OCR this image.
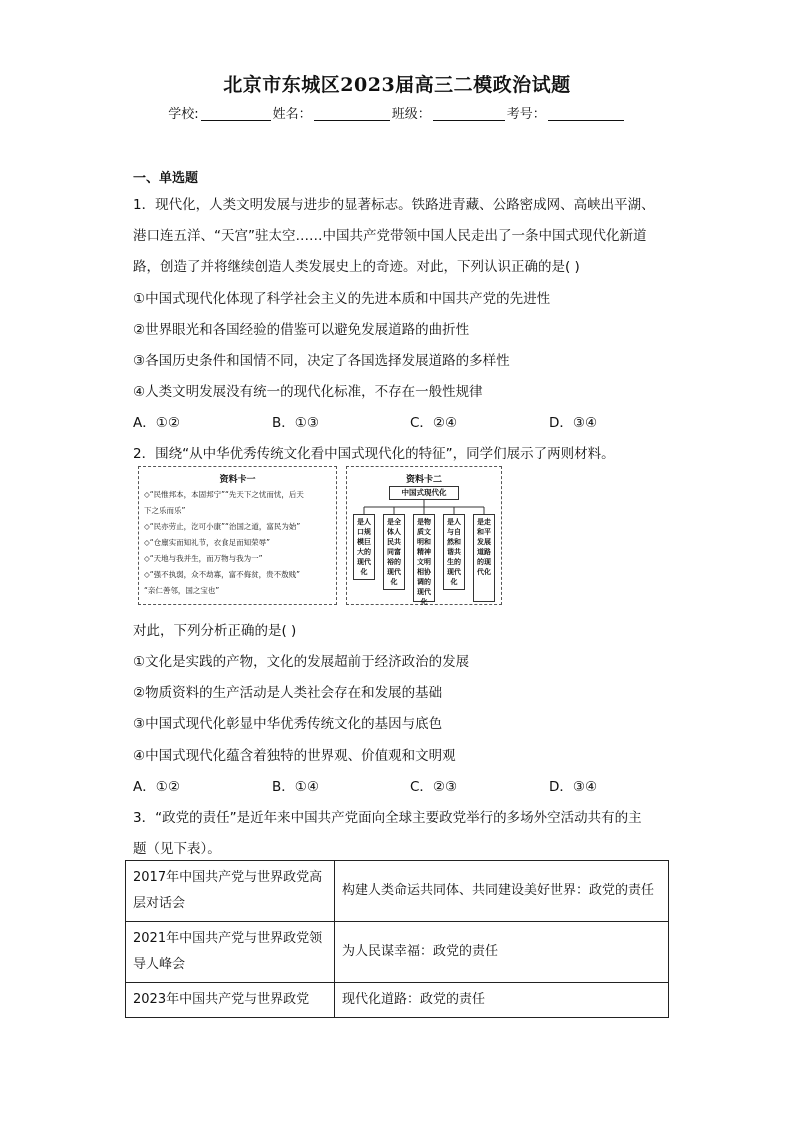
北京市东城区2023届高三二模政治试题
学校:	姓名：	班级：	考号：
一、单选题
1．现代化，人类文明发展与进步的显著标志。铁路进青藏、公路密成网、高峡出平湖、
港口连五洋、“天宫”驻太空……中国共产党带领中国人民走出了一条中国式现代化新道
路，创造了并将继续创造人类发展史上的奇迹。对此，下列认识正确的是( )
①中国式现代化体现了科学社会主义的先进本质和中国共产党的先进性
②世界眼光和各国经验的借鉴可以避免发展道路的曲折性
③各国历史条件和国情不同，决定了各国选择发展道路的多样性
④人类文明发展没有统一的现代化标准，不存在一般性规律
A．①②	B．①③	C．②④	D．③④
2．围绕“从中华优秀传统文化看中国式现代化的特征”，同学们展示了两则材料。
资料卡一
◇“民惟邦本，本固邦宁”“先天下之忧而忧，后天
下之乐而乐”
◇“民亦劳止，汔可小康”“治国之道，富民为始”
◇“仓廪实而知礼节，衣食足而知荣辱”
◇“天地与我并生，而万物与我为一”
◇“强不执弱，众不劫寡，富不侮贫，贵不敖贱”
“亲仁善邻，国之宝也”
资料卡二
中国式现代化
是人口规模巨大的现代化
是全体人民共同富裕的现代化
是物质文明和精神文明相协调的现代化
是人与自然和谐共生的现代化
是走和平发展道路的现代化
对此，下列分析正确的是( )
①文化是实践的产物，文化的发展超前于经济政治的发展
②物质资料的生产活动是人类社会存在和发展的基础
③中国式现代化彰显中华优秀传统文化的基因与底色
④中国式现代化蕴含着独特的世界观、价值观和文明观
A．①②	B．①④	C．②③	D．③④
3．“政党的责任”是近年来中国共产党面向全球主要政党举行的多场外空活动共有的主
题（见下表）。
2017年中国共产党与世界政党高层对话会	构建人类命运共同体、共同建设美好世界：政党的责任
2021年中国共产党与世界政党领导人峰会	为人民谋幸福：政党的责任
2023年中国共产党与世界政党	现代化道路：政党的责任
